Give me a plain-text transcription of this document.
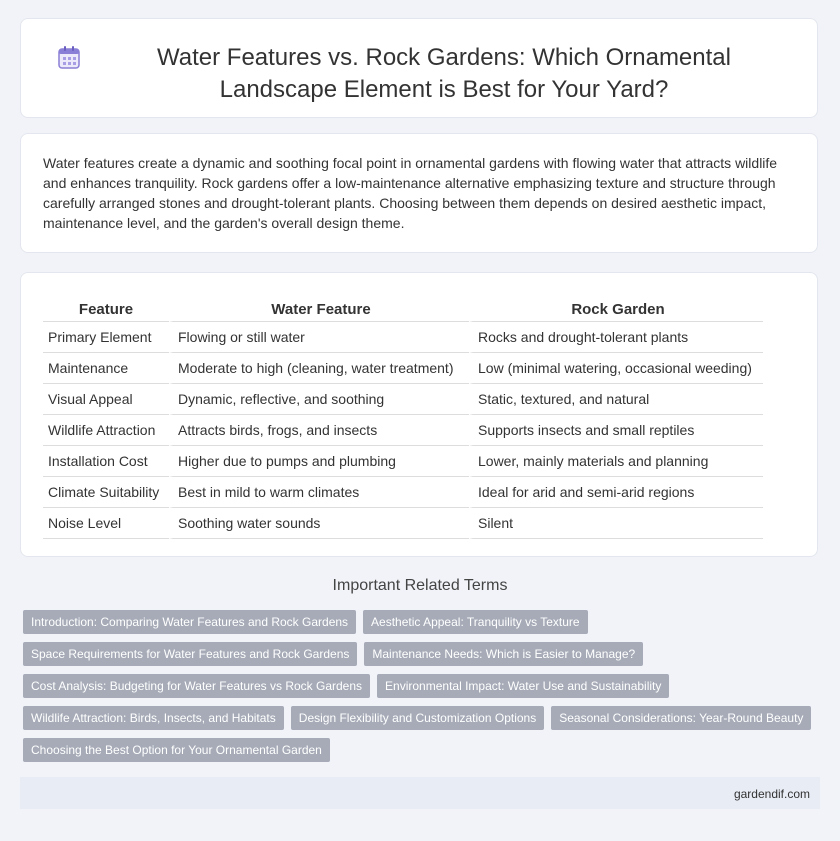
Water Features vs. Rock Gardens: Which Ornamental Landscape Element is Best for Your Yard?

Water features create a dynamic and soothing focal point in ornamental gardens with flowing water that attracts wildlife and enhances tranquility. Rock gardens offer a low-maintenance alternative emphasizing texture and structure through carefully arranged stones and drought-tolerant plants. Choosing between them depends on desired aesthetic impact, maintenance level, and the garden's overall design theme.

Feature	Water Feature	Rock Garden
Primary Element	Flowing or still water	Rocks and drought-tolerant plants
Maintenance	Moderate to high (cleaning, water treatment)	Low (minimal watering, occasional weeding)
Visual Appeal	Dynamic, reflective, and soothing	Static, textured, and natural
Wildlife Attraction	Attracts birds, frogs, and insects	Supports insects and small reptiles
Installation Cost	Higher due to pumps and plumbing	Lower, mainly materials and planning
Climate Suitability	Best in mild to warm climates	Ideal for arid and semi-arid regions
Noise Level	Soothing water sounds	Silent
Important Related Terms
Introduction: Comparing Water Features and Rock Gardens	Aesthetic Appeal: Tranquility vs Texture
Space Requirements for Water Features and Rock Gardens	Maintenance Needs: Which is Easier to Manage?
Cost Analysis: Budgeting for Water Features vs Rock Gardens	Environmental Impact: Water Use and Sustainability
Wildlife Attraction: Birds, Insects, and Habitats	Design Flexibility and Customization Options	Seasonal Considerations: Year-Round Beauty
Choosing the Best Option for Your Ornamental Garden
gardendif.com
